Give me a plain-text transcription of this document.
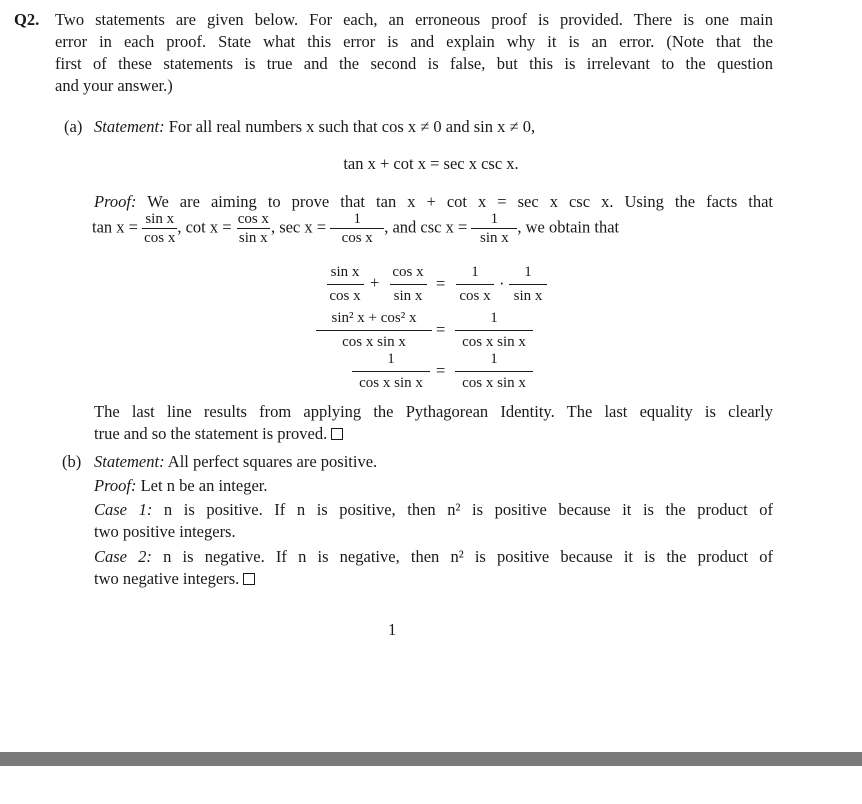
Q2. Two statements are given below. For each, an erroneous proof is provided. There is one main
error in each proof. State what this error is and explain why it is an error. (Note that the
first of these statements is true and the second is false, but this is irrelevant to the question
and your answer.)
(a) Statement: For all real numbers x such that cos x ≠ 0 and sin x ≠ 0,
tan x + cot x = sec x csc x.
Proof: We are aiming to prove that tan x + cot x = sec x csc x. Using the facts that
$\tan x = \frac{\text{sin x}}{\text{cos x}}$ , $\cot x = \frac{\text{cos x}}{\text{sin x}}$ , $\sec x = \frac{1}{\text{cos x}}$ , and $\csc x = \frac{1}{\text{sin x}}$ , we obtain that
sin x
cos x
+
cos x
sin x
=
1
cos x
·
1
sin x
sin² x + cos² x
cos x sin x
=
1
cos x sin x
1
cos x sin x
=
1
cos x sin x
The last line results from applying the Pythagorean Identity. The last equality is clearly
true and so the statement is proved.
(b) Statement: All perfect squares are positive.
Proof: Let n be an integer.
Case 1: n is positive. If n is positive, then n² is positive because it is the product of
two positive integers.
Case 2: n is negative. If n is negative, then n² is positive because it is the product of
two negative integers.
1
